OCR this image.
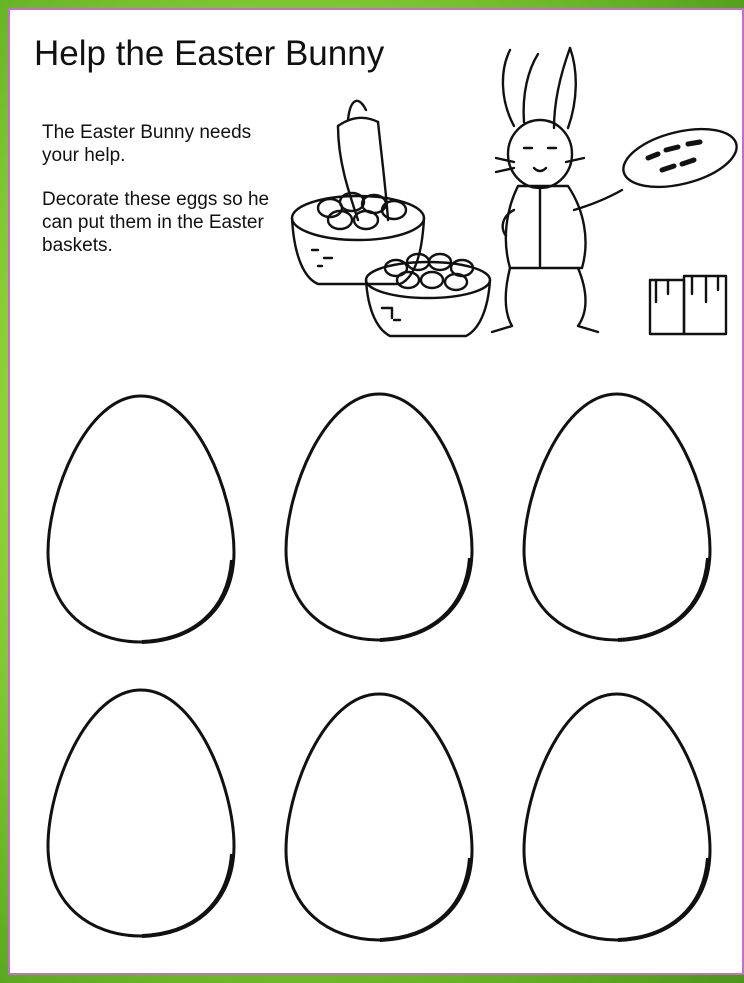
Help the Easter Bunny

The Easter Bunny needs your help.

Decorate these eggs so he can put them in the Easter baskets.
